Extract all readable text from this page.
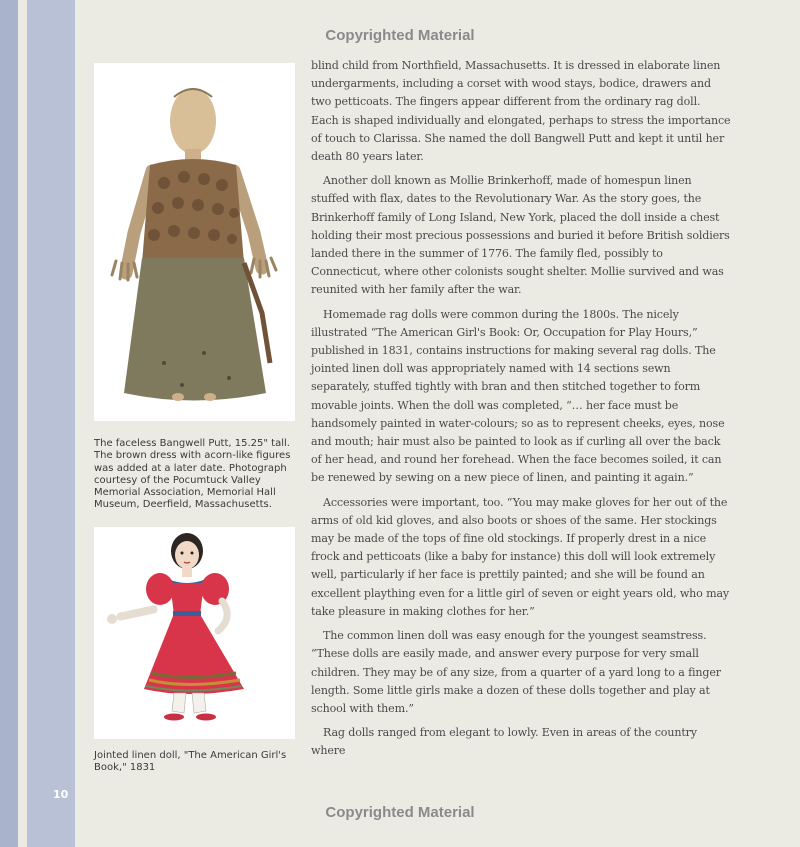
10
Copyrighted Material
The faceless Bangwell Putt, 15.25" tall. The brown dress with acorn-like figures was added at a later date. Photograph courtesy of the Pocumtuck Valley Memorial Association, Memorial Hall Museum, Deerfield, Massachusetts.
Jointed linen doll, "The American Girl's Book," 1831

blind child from Northfield, Massachusetts. It is dressed in elaborate linen undergarments, including a corset with wood stays, bodice, drawers and two petticoats. The fingers appear different from the ordinary rag doll. Each is shaped individually and elongated, perhaps to stress the importance of touch to Clarissa. She named the doll Bangwell Putt and kept it until her death 80 years later.

Another doll known as Mollie Brinkerhoff, made of homespun linen stuffed with flax, dates to the Revolutionary War. As the story goes, the Brinkerhoff family of Long Island, New York, placed the doll inside a chest holding their most precious possessions and buried it before British soldiers landed there in the summer of 1776. The family fled, possibly to Connecticut, where other colonists sought shelter. Mollie survived and was reunited with her family after the war.

Homemade rag dolls were common during the 1800s. The nicely illustrated “The American Girl's Book: Or, Occupation for Play Hours,” published in 1831, contains instructions for making several rag dolls. The jointed linen doll was appropriately named with 14 sections sewn separately, stuffed tightly with bran and then stitched together to form movable joints. When the doll was completed, “… her face must be handsomely painted in water-colours; so as to represent cheeks, eyes, nose and mouth; hair must also be painted to look as if curling all over the back of her head, and round her forehead. When the face becomes soiled, it can be renewed by sewing on a new piece of linen, and painting it again.”

Accessories were important, too. “You may make gloves for her out of the arms of old kid gloves, and also boots or shoes of the same. Her stockings may be made of the tops of fine old stockings. If properly drest in a nice frock and petticoats (like a baby for instance) this doll will look extremely well, particularly if her face is prettily painted; and she will be found an excellent plaything even for a little girl of seven or eight years old, who may take pleasure in making clothes for her.”

The common linen doll was easy enough for the youngest seamstress. “These dolls are easily made, and answer every purpose for very small children. They may be of any size, from a quarter of a yard long to a finger length. Some little girls make a dozen of these dolls together and play at school with them.”

Rag dolls ranged from elegant to lowly. Even in areas of the country where

Copyrighted Material
